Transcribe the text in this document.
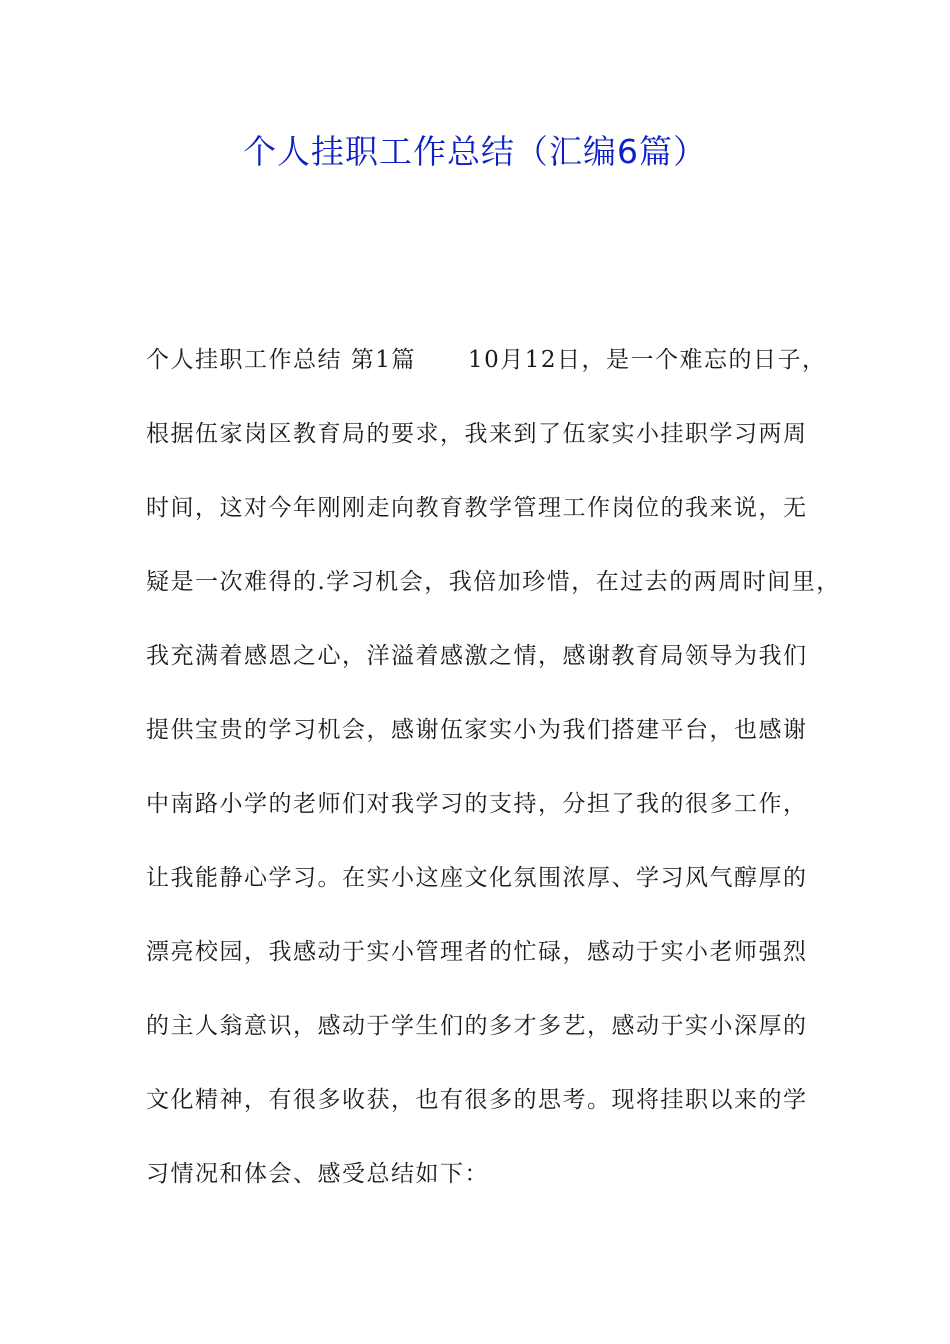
个人挂职工作总结（汇编6篇）
个人挂职工作总结 第1篇 10月12日，是一个难忘的日子，
根据伍家岗区教育局的要求，我来到了伍家实小挂职学习两周
时间，这对今年刚刚走向教育教学管理工作岗位的我来说，无
疑是一次难得的.学习机会，我倍加珍惜，在过去的两周时间里，
我充满着感恩之心，洋溢着感激之情，感谢教育局领导为我们
提供宝贵的学习机会，感谢伍家实小为我们搭建平台，也感谢
中南路小学的老师们对我学习的支持，分担了我的很多工作，
让我能静心学习。在实小这座文化氛围浓厚、学习风气醇厚的
漂亮校园，我感动于实小管理者的忙碌，感动于实小老师强烈
的主人翁意识，感动于学生们的多才多艺，感动于实小深厚的
文化精神，有很多收获，也有很多的思考。现将挂职以来的学
习情况和体会、感受总结如下：
